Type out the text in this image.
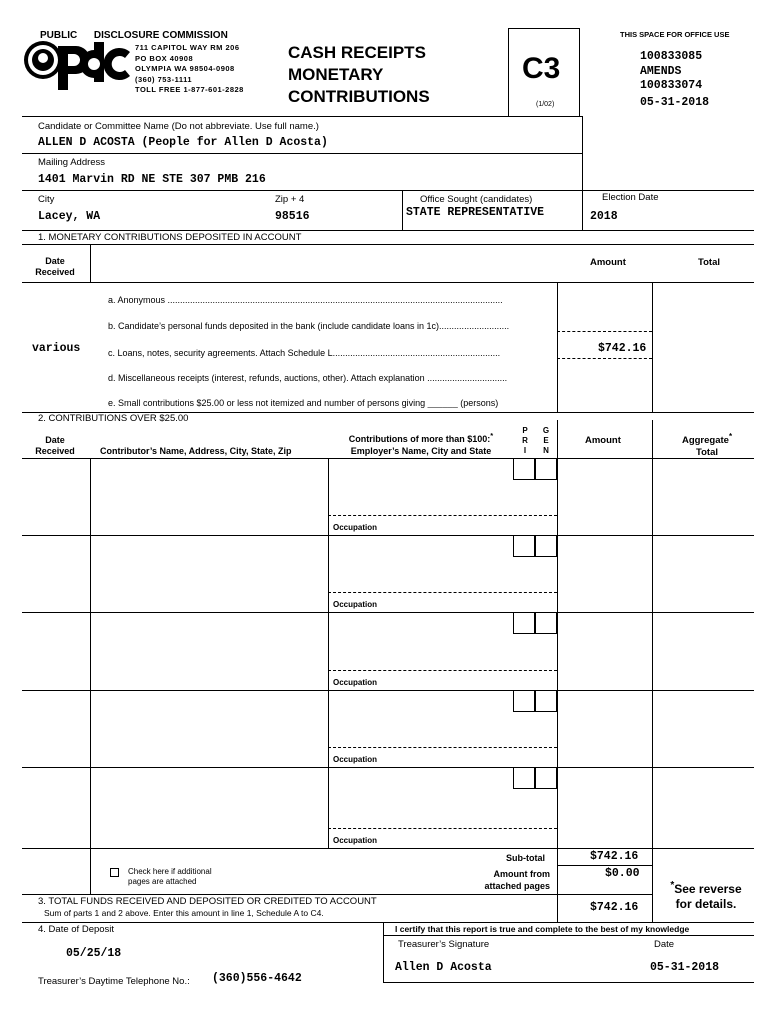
PUBLIC      DISCLOSURE COMMISSION
711 CAPITOL WAY RM 206
PO BOX 40908
OLYMPIA WA 98504-0908
(360) 753-1111
TOLL FREE 1-877-601-2828
CASH RECEIPTS
MONETARY
CONTRIBUTIONS
C3
(1/02)
THIS SPACE FOR OFFICE USE
100833085
AMENDS
100833074
05-31-2018
Candidate or Committee Name (Do not abbreviate. Use full name.)
ALLEN D ACOSTA (People for Allen D Acosta)
Mailing Address
1401 Marvin RD NE STE 307 PMB 216
City	Zip + 4	Office Sought (candidates)	Election Date
Lacey, WA	98516	STATE REPRESENTATIVE	2018
1. MONETARY CONTRIBUTIONS DEPOSITED IN ACCOUNT
Date
Received
Amount	Total
a. Anonymous ......................................................................................................................................
b. Candidate’s personal funds deposited in the bank (include candidate loans in 1c)............................
c. Loans, notes, security agreements. Attach Schedule L...................................................................
various	$742.16
d. Miscellaneous receipts (interest, refunds, auctions, other). Attach explanation ................................
e. Small contributions $25.00 or less not itemized and number of persons giving ______ (persons)
2. CONTRIBUTIONS OVER $25.00
Date
Received	Contributor’s Name, Address, City, State, Zip
Contributions of more than $100:*
Employer’s Name, City and State
P
R
I
G
E
N
Amount	Aggregate*
Total
Occupation
Occupation
Occupation
Occupation
Occupation
Check here if additional
pages are attached
Sub-total	$742.16
Amount from
attached pages
$0.00
*See reverse
for details.
3. TOTAL FUNDS RECEIVED AND DEPOSITED OR CREDITED TO ACCOUNT
Sum of parts 1 and 2 above. Enter this amount in line 1, Schedule A to C4.	$742.16
4. Date of Deposit
05/25/18
Treasurer’s Daytime Telephone No.: (360)556-4642
I certify that this report is true and complete to the best of my knowledge
Treasurer’s Signature	Date
Allen D Acosta	05-31-2018
